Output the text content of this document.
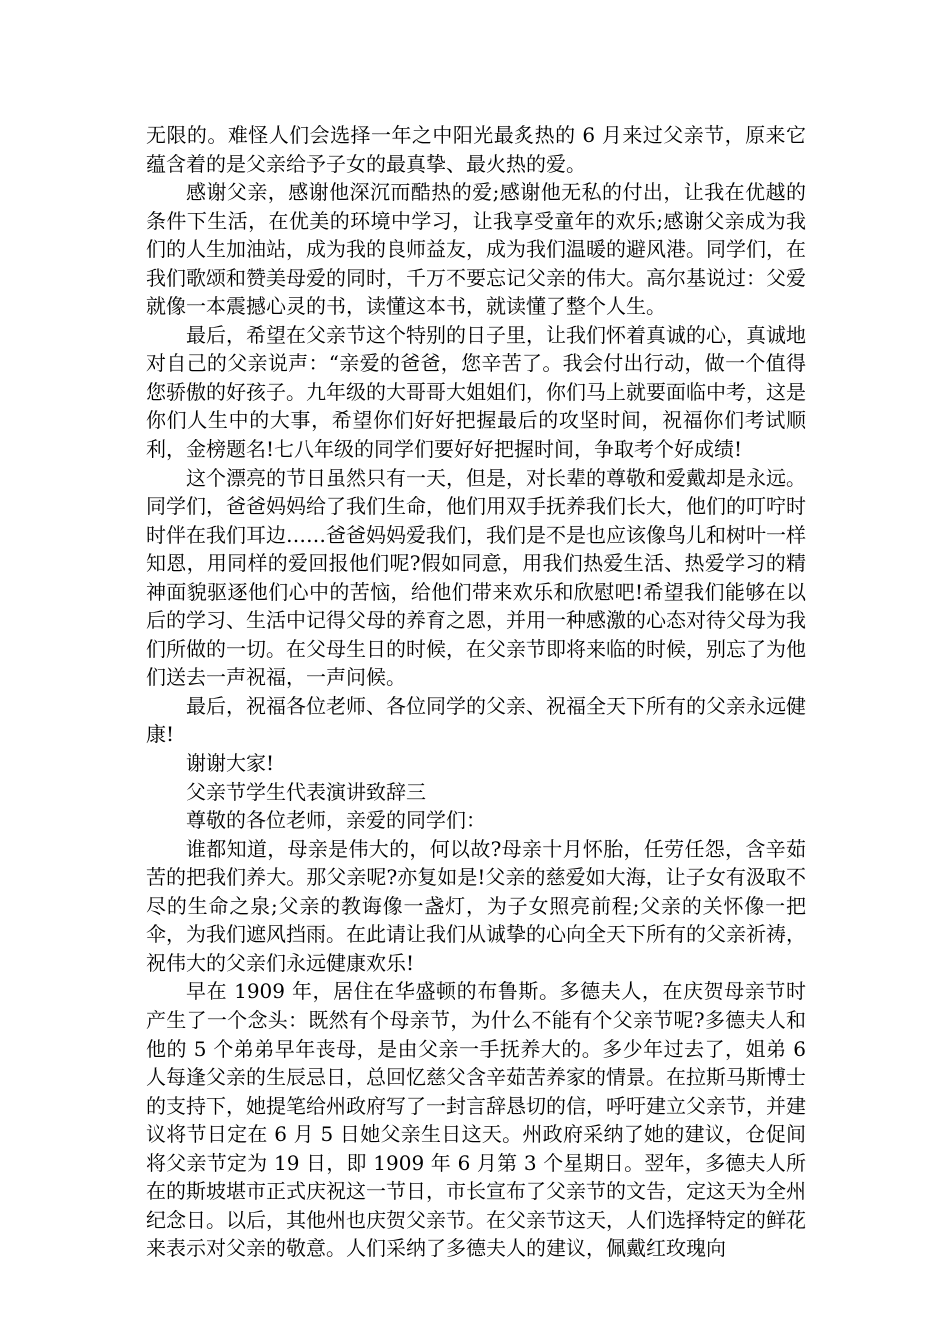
无限的。难怪人们会选择一年之中阳光最炙热的 6 月来过父亲节，原来它蕴含着的是父亲给予子女的最真挚、最火热的爱。

感谢父亲，感谢他深沉而酷热的爱;感谢他无私的付出，让我在优越的条件下生活，在优美的环境中学习，让我享受童年的欢乐;感谢父亲成为我们的人生加油站，成为我的良师益友，成为我们温暖的避风港。同学们，在我们歌颂和赞美母爱的同时，千万不要忘记父亲的伟大。高尔基说过：父爱就像一本震撼心灵的书，读懂这本书，就读懂了整个人生。

最后，希望在父亲节这个特别的日子里，让我们怀着真诚的心，真诚地对自己的父亲说声：“亲爱的爸爸，您辛苦了。我会付出行动，做一个值得您骄傲的好孩子。九年级的大哥哥大姐姐们，你们马上就要面临中考，这是你们人生中的大事，希望你们好好把握最后的攻坚时间，祝福你们考试顺利，金榜题名!七八年级的同学们要好好把握时间，争取考个好成绩!

这个漂亮的节日虽然只有一天，但是，对长辈的尊敬和爱戴却是永远。同学们，爸爸妈妈给了我们生命，他们用双手抚养我们长大，他们的叮咛时时伴在我们耳边……爸爸妈妈爱我们，我们是不是也应该像鸟儿和树叶一样知恩，用同样的爱回报他们呢?假如同意，用我们热爱生活、热爱学习的精神面貌驱逐他们心中的苦恼，给他们带来欢乐和欣慰吧!希望我们能够在以后的学习、生活中记得父母的养育之恩，并用一种感激的心态对待父母为我们所做的一切。在父母生日的时候，在父亲节即将来临的时候，别忘了为他们送去一声祝福，一声问候。

最后，祝福各位老师、各位同学的父亲、祝福全天下所有的父亲永远健康!

谢谢大家!

父亲节学生代表演讲致辞三

尊敬的各位老师，亲爱的同学们：

谁都知道，母亲是伟大的，何以故?母亲十月怀胎，任劳任怨，含辛茹苦的把我们养大。那父亲呢?亦复如是!父亲的慈爱如大海，让子女有汲取不尽的生命之泉;父亲的教诲像一盏灯，为子女照亮前程;父亲的关怀像一把伞，为我们遮风挡雨。在此请让我们从诚挚的心向全天下所有的父亲祈祷，祝伟大的父亲们永远健康欢乐!

早在 1909 年，居住在华盛顿的布鲁斯。多德夫人，在庆贺母亲节时产生了一个念头：既然有个母亲节，为什么不能有个父亲节呢?多德夫人和他的 5 个弟弟早年丧母，是由父亲一手抚养大的。多少年过去了，姐弟 6 人每逢父亲的生辰忌日，总回忆慈父含辛茹苦养家的情景。在拉斯马斯博士的支持下，她提笔给州政府写了一封言辞恳切的信，呼吁建立父亲节，并建议将节日定在 6 月 5 日她父亲生日这天。州政府采纳了她的建议，仓促间将父亲节定为 19 日，即 1909 年 6 月第 3 个星期日。翌年，多德夫人所在的斯坡堪市正式庆祝这一节日，市长宣布了父亲节的文告，定这天为全州纪念日。以后，其他州也庆贺父亲节。在父亲节这天，人们选择特定的鲜花来表示对父亲的敬意。人们采纳了多德夫人的建议，佩戴红玫瑰向
